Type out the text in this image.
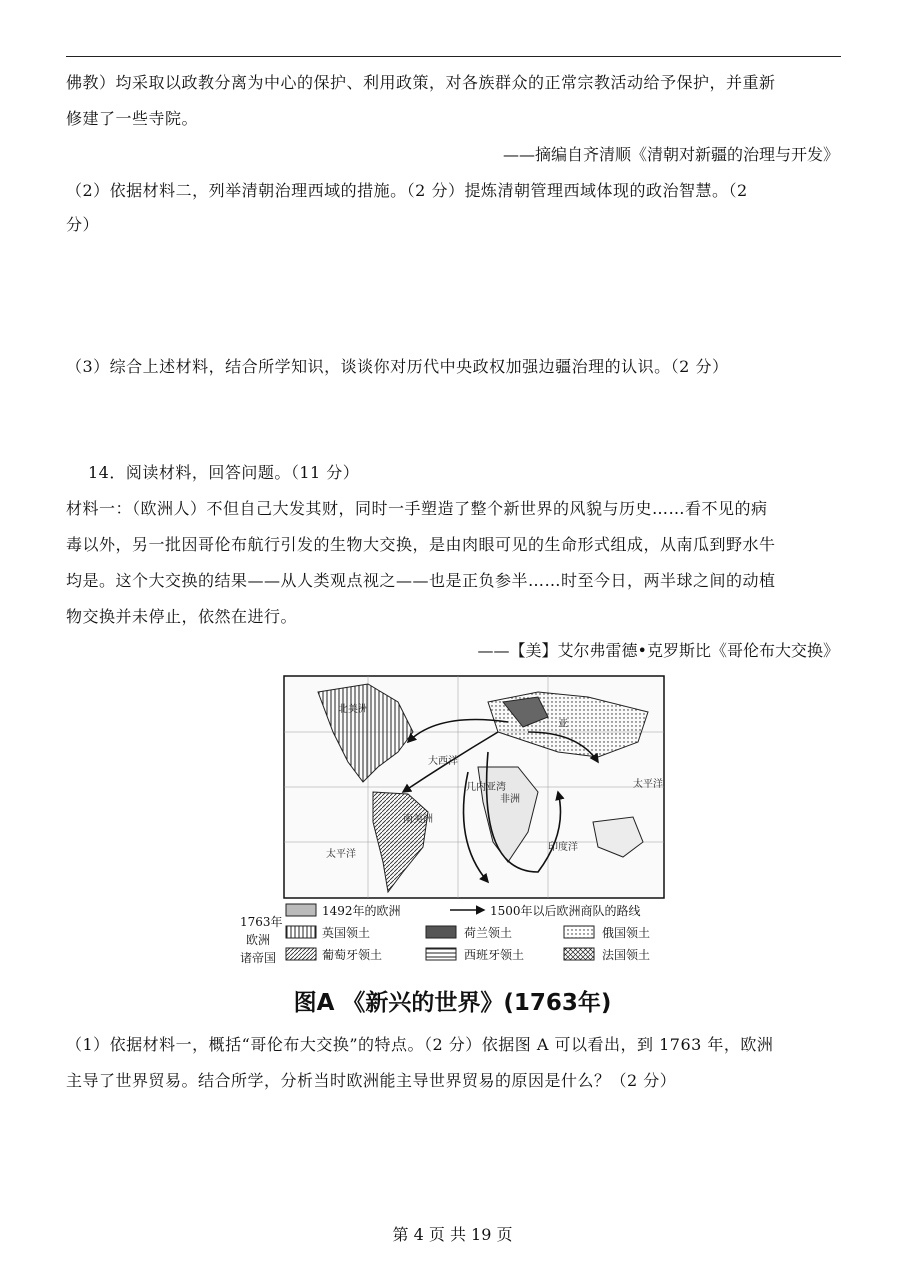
佛教）均采取以政教分离为中心的保护、利用政策，对各族群众的正常宗教活动给予保护，并重新
修建了一些寺院。
——摘编自齐清顺《清朝对新疆的治理与开发》
（2）依据材料二，列举清朝治理西域的措施。（2 分）提炼清朝管理西域体现的政治智慧。（2
分）
（3）综合上述材料，结合所学知识，谈谈你对历代中央政权加强边疆治理的认识。（2 分）
14．阅读材料，回答问题。（11 分）
材料一：（欧洲人）不但自己大发其财，同时一手塑造了整个新世界的风貌与历史……看不见的病
毒以外，另一批因哥伦布航行引发的生物大交换，是由肉眼可见的生命形式组成，从南瓜到野水牛
均是。这个大交换的结果——从人类观点视之——也是正负参半……时至今日，两半球之间的动植
物交换并未停止，依然在进行。
——【美】艾尔弗雷德•克罗斯比《哥伦布大交换》
北美洲
南美洲
非洲
亚
大西洋
太平洋
太平洋
印度洋
几内亚湾
1763年
欧洲
诸帝国
1492年的欧洲	1500年以后欧洲商队的路线
英国领土	荷兰领土	俄国领土
葡萄牙领土	西班牙领土	法国领土
图A 《新兴的世界》(1763年)
（1）依据材料一，概括“哥伦布大交换”的特点。（2 分）依据图 A 可以看出，到 1763 年，欧洲
主导了世界贸易。结合所学，分析当时欧洲能主导世界贸易的原因是什么？（2 分）
第 4 页 共 19 页
